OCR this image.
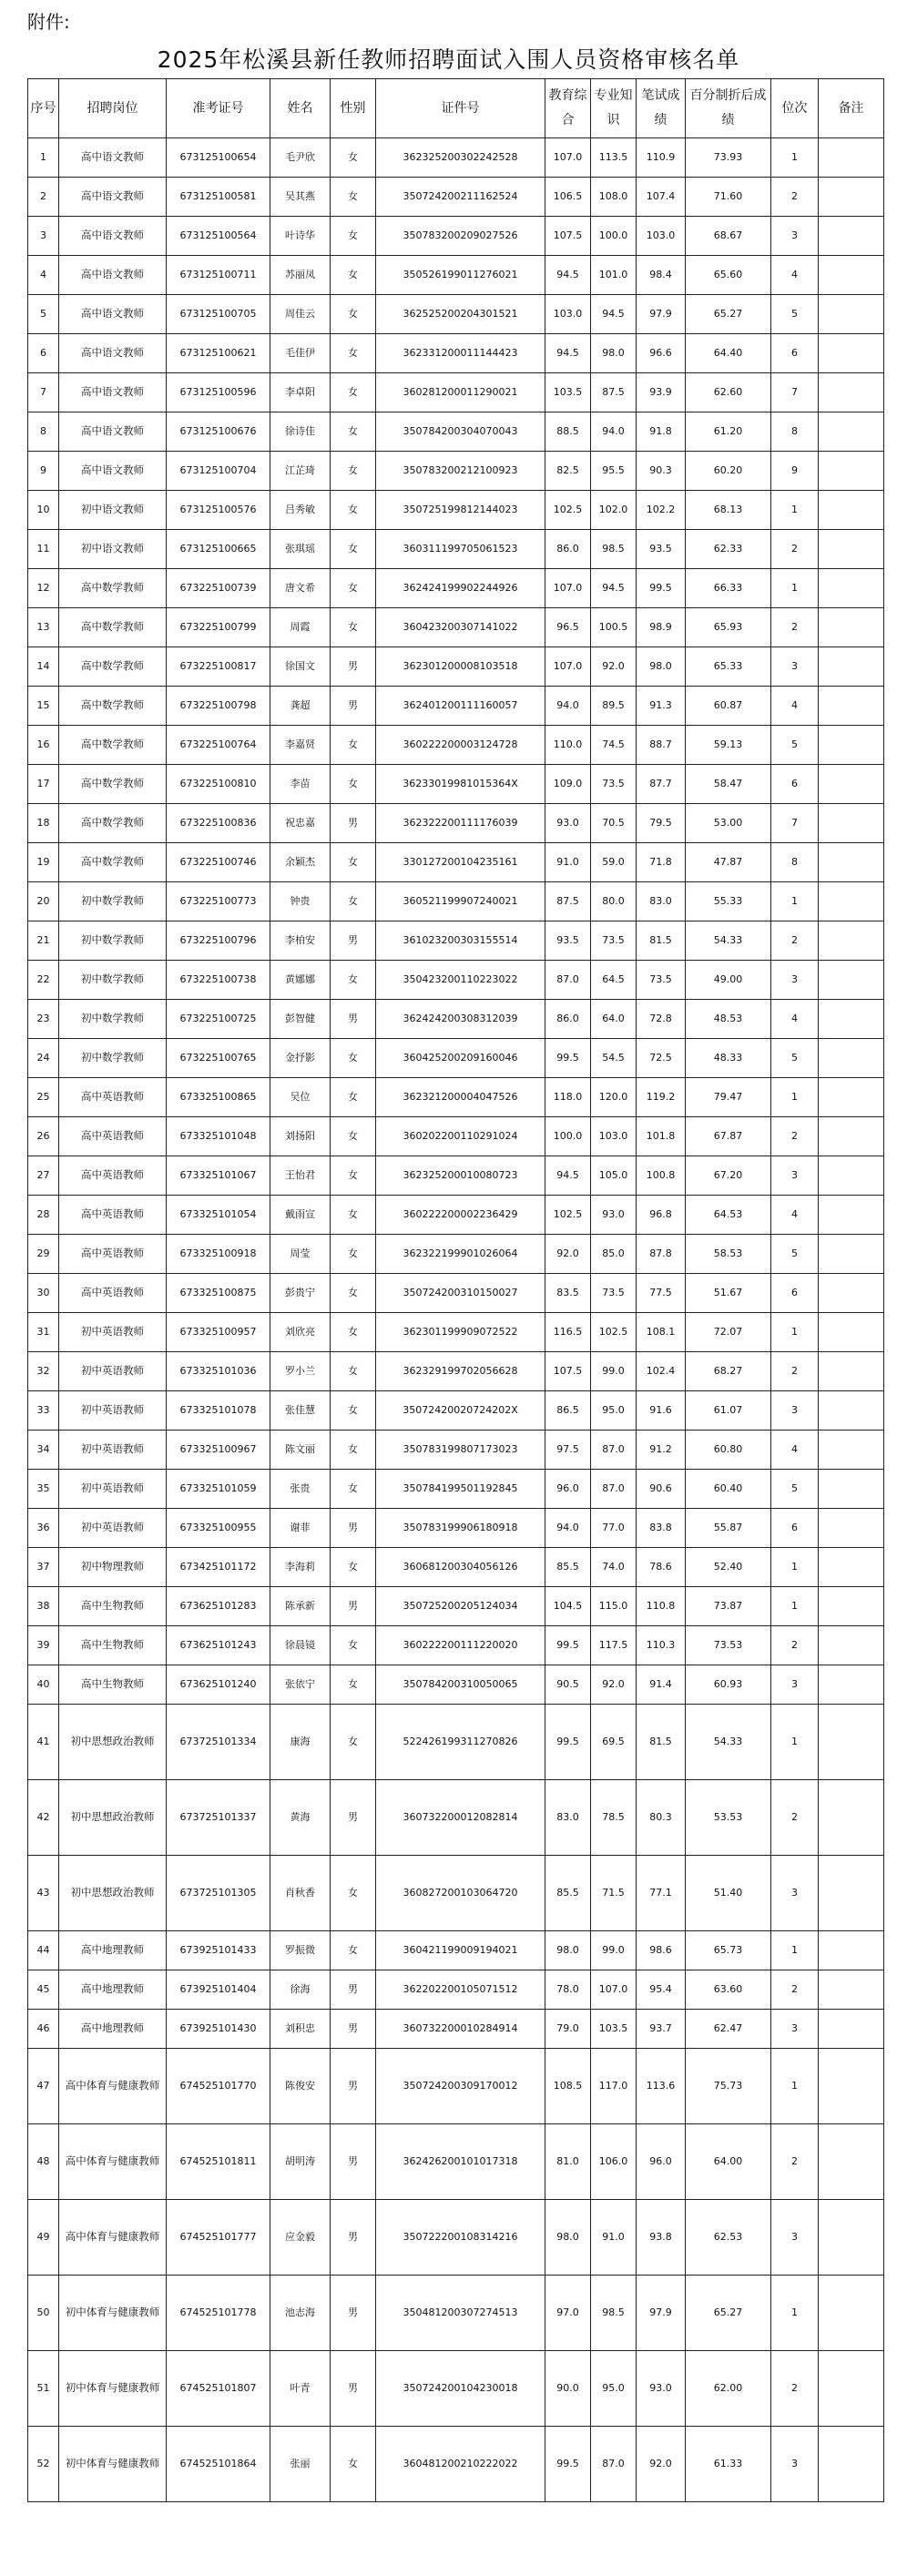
附件:
2025年松溪县新任教师招聘面试入围人员资格审核名单
序号	招聘岗位	准考证号	姓名	性别	证件号	教育综合	专业知识	笔试成绩	百分制折后成绩	位次	备注
1	高中语文教师	673125100654	毛尹欣	女	362325200302242528	107.0	113.5	110.9	73.93	1	
2	高中语文教师	673125100581	吴其燕	女	350724200211162524	106.5	108.0	107.4	71.60	2	
3	高中语文教师	673125100564	叶诗华	女	350783200209027526	107.5	100.0	103.0	68.67	3	
4	高中语文教师	673125100711	苏丽凤	女	350526199011276021	94.5	101.0	98.4	65.60	4	
5	高中语文教师	673125100705	周佳云	女	362525200204301521	103.0	94.5	97.9	65.27	5	
6	高中语文教师	673125100621	毛佳伊	女	362331200011144423	94.5	98.0	96.6	64.40	6	
7	高中语文教师	673125100596	李卓阳	女	360281200011290021	103.5	87.5	93.9	62.60	7	
8	高中语文教师	673125100676	徐诗佳	女	350784200304070043	88.5	94.0	91.8	61.20	8	
9	高中语文教师	673125100704	江芷琦	女	350783200212100923	82.5	95.5	90.3	60.20	9	
10	初中语文教师	673125100576	吕秀敏	女	350725199812144023	102.5	102.0	102.2	68.13	1	
11	初中语文教师	673125100665	张琪瑶	女	360311199705061523	86.0	98.5	93.5	62.33	2	
12	高中数学教师	673225100739	唐文希	女	362424199902244926	107.0	94.5	99.5	66.33	1	
13	高中数学教师	673225100799	周霞	女	360423200307141022	96.5	100.5	98.9	65.93	2	
14	高中数学教师	673225100817	徐国文	男	362301200008103518	107.0	92.0	98.0	65.33	3	
15	高中数学教师	673225100798	龚超	男	362401200111160057	94.0	89.5	91.3	60.87	4	
16	高中数学教师	673225100764	李嘉贤	女	360222200003124728	110.0	74.5	88.7	59.13	5	
17	高中数学教师	673225100810	李苗	女	36233019981015364X	109.0	73.5	87.7	58.47	6	
18	高中数学教师	673225100836	祝忠嘉	男	362322200111176039	93.0	70.5	79.5	53.00	7	
19	高中数学教师	673225100746	余颖杰	女	330127200104235161	91.0	59.0	71.8	47.87	8	
20	初中数学教师	673225100773	钟贵	女	360521199907240021	87.5	80.0	83.0	55.33	1	
21	初中数学教师	673225100796	李柏安	男	361023200303155514	93.5	73.5	81.5	54.33	2	
22	初中数学教师	673225100738	黄娜娜	女	350423200110223022	87.0	64.5	73.5	49.00	3	
23	初中数学教师	673225100725	彭智健	男	362424200308312039	86.0	64.0	72.8	48.53	4	
24	初中数学教师	673225100765	金抒影	女	360425200209160046	99.5	54.5	72.5	48.33	5	
25	高中英语教师	673325100865	吴位	女	362321200004047526	118.0	120.0	119.2	79.47	1	
26	高中英语教师	673325101048	刘扬阳	女	360202200110291024	100.0	103.0	101.8	67.87	2	
27	高中英语教师	673325101067	王怡君	女	362325200010080723	94.5	105.0	100.8	67.20	3	
28	高中英语教师	673325101054	戴雨宣	女	360222200002236429	102.5	93.0	96.8	64.53	4	
29	高中英语教师	673325100918	周莹	女	362322199901026064	92.0	85.0	87.8	58.53	5	
30	高中英语教师	673325100875	彭贵宁	女	350724200310150027	83.5	73.5	77.5	51.67	6	
31	初中英语教师	673325100957	刘欣亮	女	362301199909072522	116.5	102.5	108.1	72.07	1	
32	初中英语教师	673325101036	罗小兰	女	362329199702056628	107.5	99.0	102.4	68.27	2	
33	初中英语教师	673325101078	张佳慧	女	35072420020724202X	86.5	95.0	91.6	61.07	3	
34	初中英语教师	673325100967	陈文丽	女	350783199807173023	97.5	87.0	91.2	60.80	4	
35	初中英语教师	673325101059	张贵	女	350784199501192845	96.0	87.0	90.6	60.40	5	
36	初中英语教师	673325100955	谢菲	男	350783199906180918	94.0	77.0	83.8	55.87	6	
37	初中物理教师	673425101172	李海莉	女	360681200304056126	85.5	74.0	78.6	52.40	1	
38	高中生物教师	673625101283	陈承新	男	350725200205124034	104.5	115.0	110.8	73.87	1	
39	高中生物教师	673625101243	徐晨镜	女	360222200111220020	99.5	117.5	110.3	73.53	2	
40	高中生物教师	673625101240	张依宁	女	350784200310050065	90.5	92.0	91.4	60.93	3	
41	初中思想政治教师	673725101334	康海	女	522426199311270826	99.5	69.5	81.5	54.33	1	
42	初中思想政治教师	673725101337	黄海	男	360732200012082814	83.0	78.5	80.3	53.53	2	
43	初中思想政治教师	673725101305	肖秋香	女	360827200103064720	85.5	71.5	77.1	51.40	3	
44	高中地理教师	673925101433	罗振微	女	360421199009194021	98.0	99.0	98.6	65.73	1	
45	高中地理教师	673925101404	徐海	男	362202200105071512	78.0	107.0	95.4	63.60	2	
46	高中地理教师	673925101430	刘积忠	男	360732200010284914	79.0	103.5	93.7	62.47	3	
47	高中体育与健康教师	674525101770	陈俊安	男	350724200309170012	108.5	117.0	113.6	75.73	1	
48	高中体育与健康教师	674525101811	胡明涛	男	362426200101017318	81.0	106.0	96.0	64.00	2	
49	高中体育与健康教师	674525101777	应金毅	男	350722200108314216	98.0	91.0	93.8	62.53	3	
50	初中体育与健康教师	674525101778	池志海	男	350481200307274513	97.0	98.5	97.9	65.27	1	
51	初中体育与健康教师	674525101807	叶青	男	350724200104230018	90.0	95.0	93.0	62.00	2	
52	初中体育与健康教师	674525101864	张丽	女	360481200210222022	99.5	87.0	92.0	61.33	3	
